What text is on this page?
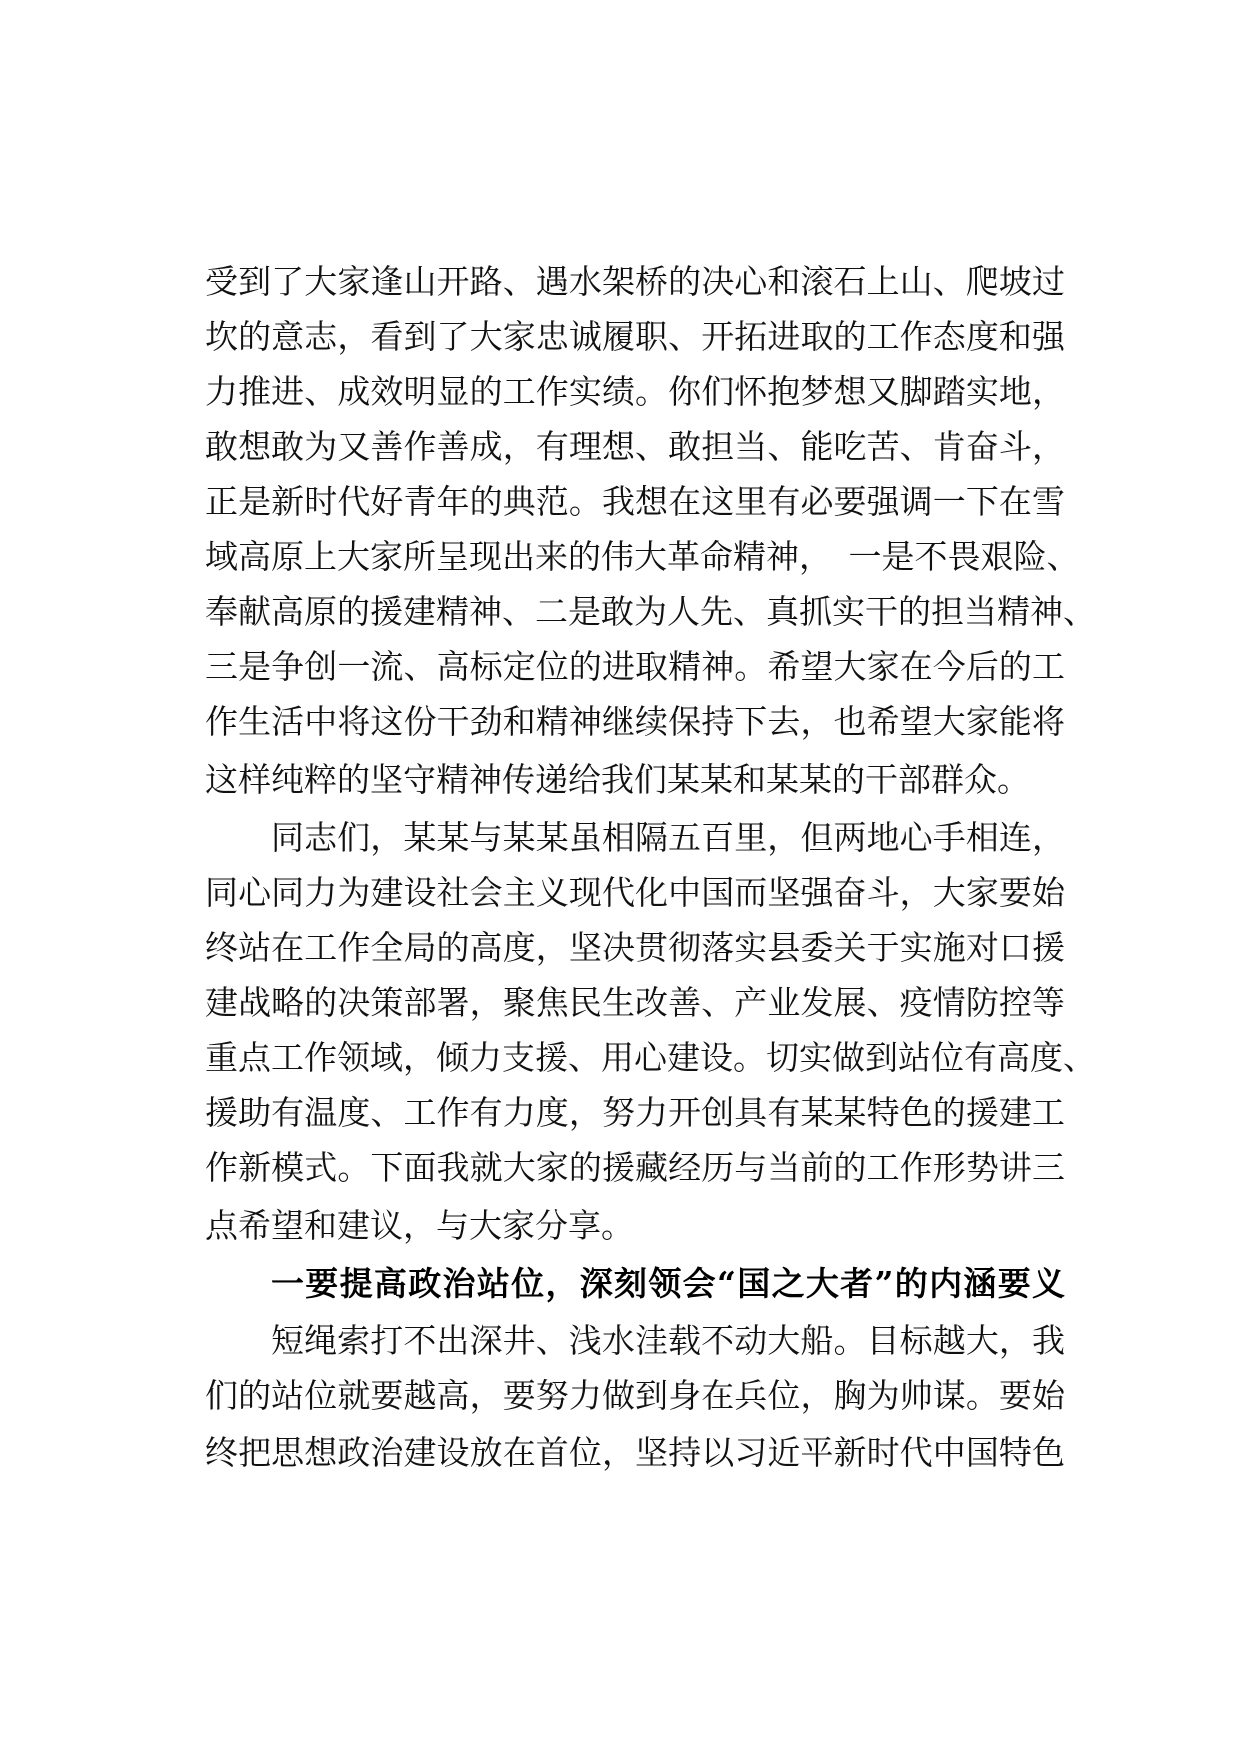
受到了大家逢山开路、遇水架桥的决心和滚石上山、爬坡过
坎的意志，看到了大家忠诚履职、开拓进取的工作态度和强
力推进、成效明显的工作实绩。你们怀抱梦想又脚踏实地，
敢想敢为又善作善成，有理想、敢担当、能吃苦、肯奋斗，
正是新时代好青年的典范。我想在这里有必要强调一下在雪
域高原上大家所呈现出来的伟大革命精神，　一是不畏艰险、
奉献高原的援建精神、二是敢为人先、真抓实干的担当精神、
三是争创一流、高标定位的进取精神。希望大家在今后的工
作生活中将这份干劲和精神继续保持下去，也希望大家能将
这样纯粹的坚守精神传递给我们某某和某某的干部群众。
同志们，某某与某某虽相隔五百里，但两地心手相连，
同心同力为建设社会主义现代化中国而坚强奋斗，大家要始
终站在工作全局的高度，坚决贯彻落实县委关于实施对口援
建战略的决策部署，聚焦民生改善、产业发展、疫情防控等
重点工作领域，倾力支援、用心建设。切实做到站位有高度、
援助有温度、工作有力度，努力开创具有某某特色的援建工
作新模式。下面我就大家的援藏经历与当前的工作形势讲三
点希望和建议，与大家分享。
一要提高政治站位，深刻领会“国之大者”的内涵要义
短绳索打不出深井、浅水洼载不动大船。目标越大，我
们的站位就要越高，要努力做到身在兵位，胸为帅谋。要始
终把思想政治建设放在首位，坚持以习近平新时代中国特色
